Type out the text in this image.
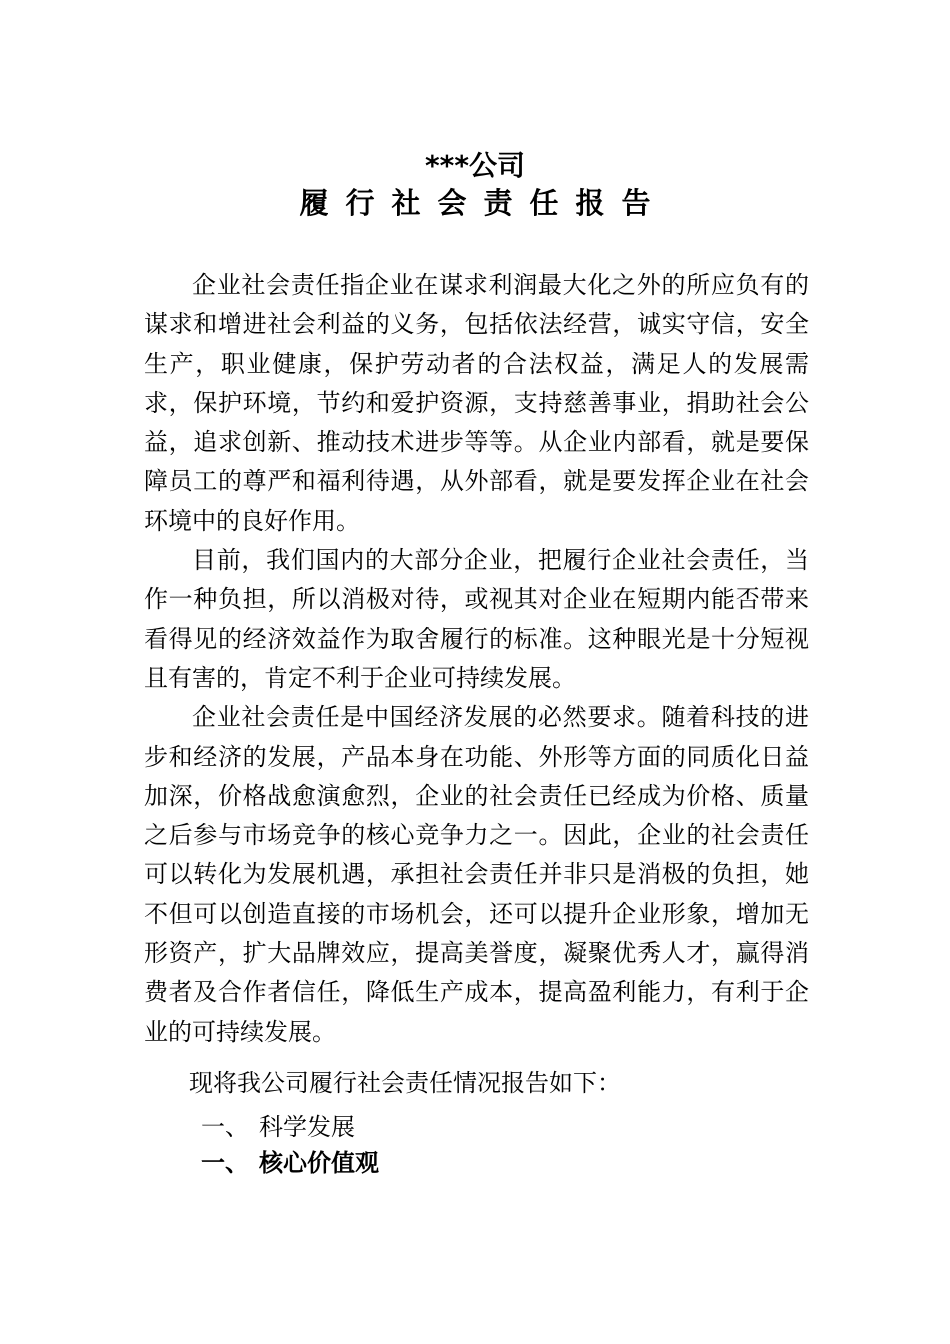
***公司
履行社会责任报告

企业社会责任指企业在谋求利润最大化之外的所应负有的谋求和增进社会利益的义务，包括依法经营，诚实守信，安全生产，职业健康，保护劳动者的合法权益，满足人的发展需求，保护环境，节约和爱护资源，支持慈善事业，捐助社会公益，追求创新、推动技术进步等等。从企业内部看，就是要保障员工的尊严和福利待遇，从外部看，就是要发挥企业在社会环境中的良好作用。

目前，我们国内的大部分企业，把履行企业社会责任，当作一种负担，所以消极对待，或视其对企业在短期内能否带来看得见的经济效益作为取舍履行的标准。这种眼光是十分短视且有害的，肯定不利于企业可持续发展。

企业社会责任是中国经济发展的必然要求。随着科技的进步和经济的发展，产品本身在功能、外形等方面的同质化日益加深，价格战愈演愈烈，企业的社会责任已经成为价格、质量之后参与市场竞争的核心竞争力之一。因此，企业的社会责任可以转化为发展机遇，承担社会责任并非只是消极的负担，她不但可以创造直接的市场机会，还可以提升企业形象，增加无形资产，扩大品牌效应，提高美誉度，凝聚优秀人才，赢得消费者及合作者信任，降低生产成本，提高盈利能力，有利于企业的可持续发展。

现将我公司履行社会责任情况报告如下：
一、 科学发展
一、 核心价值观
